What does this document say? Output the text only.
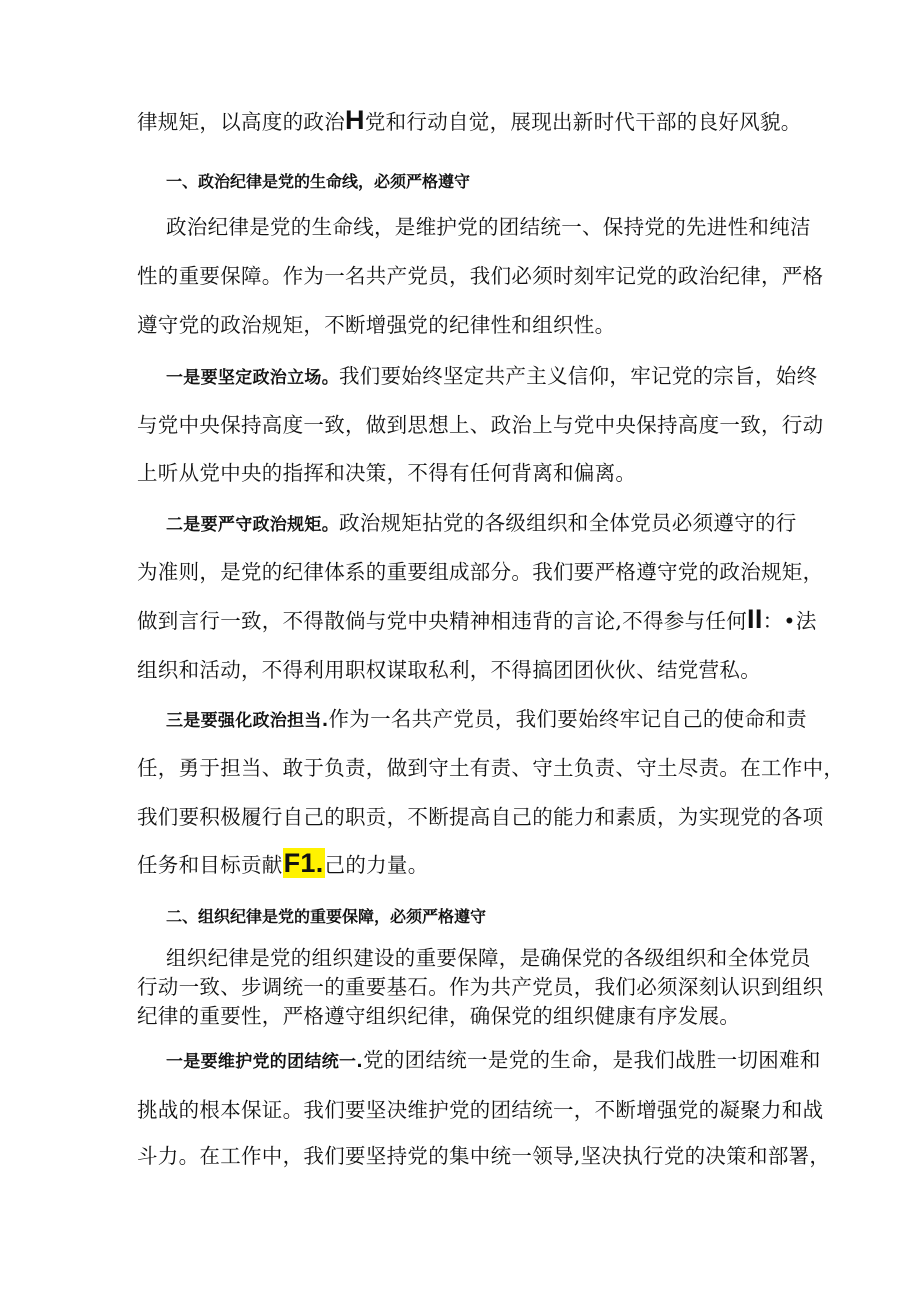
律规矩，以高度的政治H党和行动自觉，展现出新时代干部的良好风貌。
一、政治纪律是党的生命线，必须严格遵守
政治纪律是党的生命线，是维护党的团结统一、保持党的先进性和纯洁
性的重要保障。作为一名共产党员，我们必须时刻牢记党的政治纪律，严格
遵守党的政治规矩，不断增强党的纪律性和组织性。
一是要坚定政治立场。我们要始终坚定共产主义信仰，牢记党的宗旨，始终
与党中央保持高度一致，做到思想上、政治上与党中央保持高度一致，行动
上听从党中央的指挥和决策，不得有任何背离和偏离。
二是要严守政治规矩。政治规矩拈党的各级组织和全体党员必须遵守的行
为准则，是党的纪律体系的重要组成部分。我们要严格遵守党的政治规矩，
做到言行一致，不得散倘与党中央精神相违背的言论,不得参与任何II：•法
组织和活动，不得利用职权谋取私利，不得搞团团伙伙、结党营私。
三是要强化政治担当.作为一名共产党员，我们要始终牢记自己的使命和责
任，勇于担当、敢于负责，做到守土有责、守土负责、守土尽责。在工作中，
我们要积极履行自己的职贡，不断提高自己的能力和素质，为实现党的各项
任务和目标贡献F1.己的力量。
二、组织纪律是党的重要保障，必须严格遵守
组织纪律是党的组织建设的重要保障，是确保党的各级组织和全体党员
行动一致、步调统一的重要基石。作为共产党员，我们必须深刻认识到组织
纪律的重要性，严格遵守组织纪律，确保党的组织健康有序发展。
一是要维护党的团结统一.党的团结统一是党的生命，是我们战胜一切困难和
挑战的根本保证。我们要坚决维护党的团结统一，不断增强党的凝聚力和战
斗力。在工作中，我们要坚持党的集中统一领导,坚决执行党的决策和部署，
